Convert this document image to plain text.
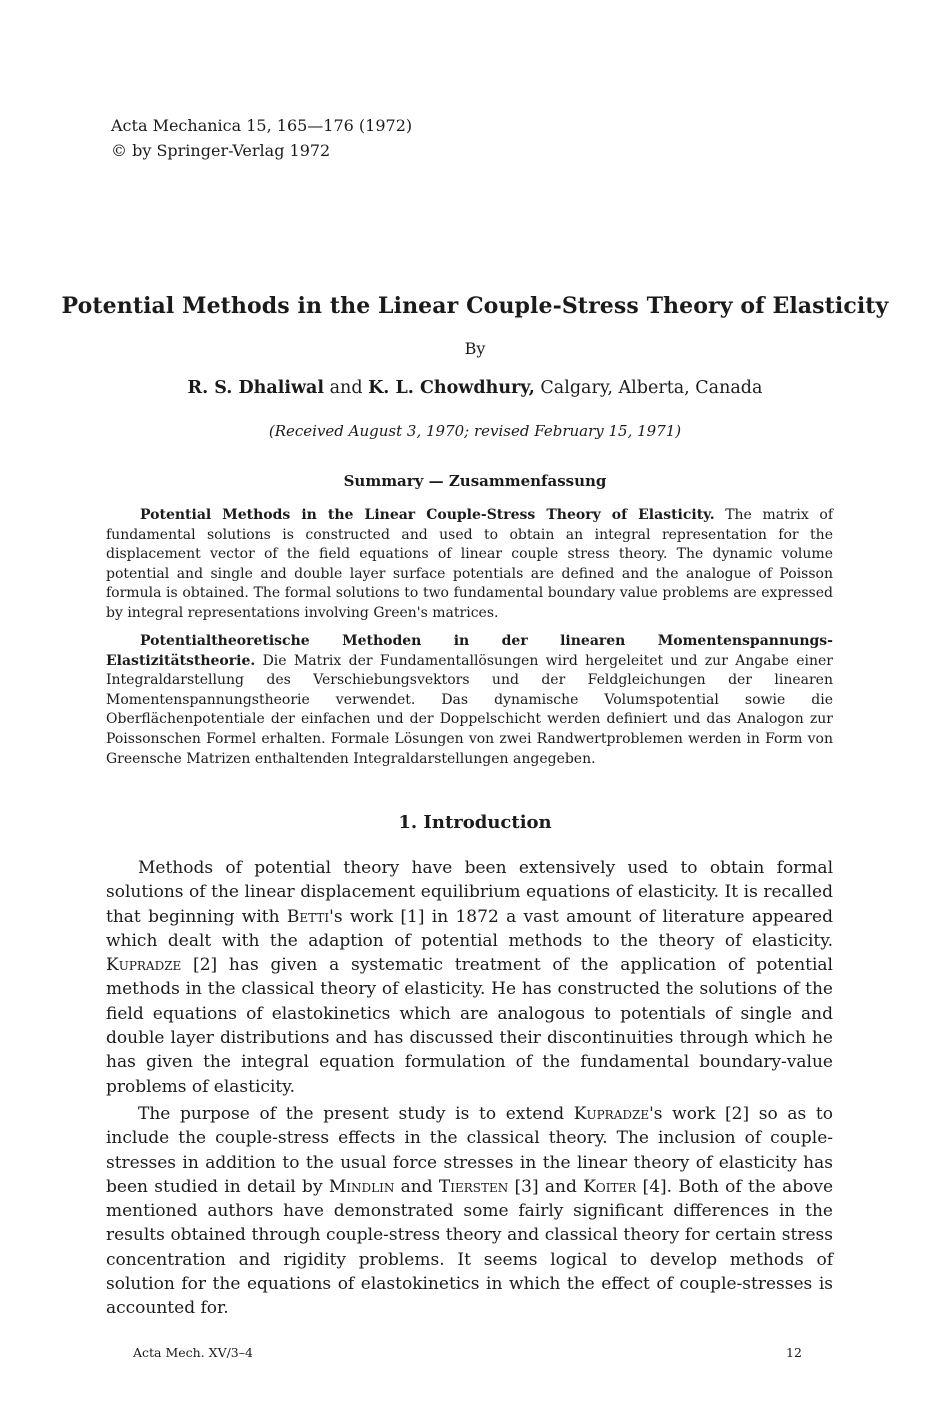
Acta Mechanica 15, 165—176 (1972)
© by Springer-Verlag 1972
Potential Methods in the Linear Couple-Stress Theory of Elasticity
By
R. S. Dhaliwal and K. L. Chowdhury, Calgary, Alberta, Canada
(Received August 3, 1970; revised February 15, 1971)
Summary — Zusammenfassung

Potential Methods in the Linear Couple-Stress Theory of Elasticity. The matrix of fundamental solutions is constructed and used to obtain an integral representation for the displacement vector of the field equations of linear couple stress theory. The dynamic volume potential and single and double layer surface potentials are defined and the analogue of Poisson formula is obtained. The formal solutions to two fundamental boundary value problems are expressed by integral representations involving Green's matrices.

Potentialtheoretische Methoden in der linearen Momentenspannungs-Elastizitätstheorie. Die Matrix der Fundamentallösungen wird hergeleitet und zur Angabe einer Integraldarstellung des Verschiebungsvektors und der Feldgleichungen der linearen Momentenspannungstheorie verwendet. Das dynamische Volumspotential sowie die Oberflächenpotentiale der einfachen und der Doppelschicht werden definiert und das Analogon zur Poissonschen Formel erhalten. Formale Lösungen von zwei Randwertproblemen werden in Form von Greensche Matrizen enthaltenden Integraldarstellungen angegeben.

1. Introduction

Methods of potential theory have been extensively used to obtain formal solutions of the linear displacement equilibrium equations of elasticity. It is recalled that beginning with Betti's work [1] in 1872 a vast amount of literature appeared which dealt with the adaption of potential methods to the theory of elasticity. Kupradze [2] has given a systematic treatment of the application of potential methods in the classical theory of elasticity. He has constructed the solutions of the field equations of elastokinetics which are analogous to potentials of single and double layer distributions and has discussed their discontinuities through which he has given the integral equation formulation of the fundamental boundary-value problems of elasticity.

The purpose of the present study is to extend Kupradze's work [2] so as to include the couple-stress effects in the classical theory. The inclusion of couple-stresses in addition to the usual force stresses in the linear theory of elasticity has been studied in detail by Mindlin and Tiersten [3] and Koiter [4]. Both of the above mentioned authors have demonstrated some fairly significant differences in the results obtained through couple-stress theory and classical theory for certain stress concentration and rigidity problems. It seems logical to develop methods of solution for the equations of elastokinetics in which the effect of couple-stresses is accounted for.

Acta Mech. XV/3–4	12
